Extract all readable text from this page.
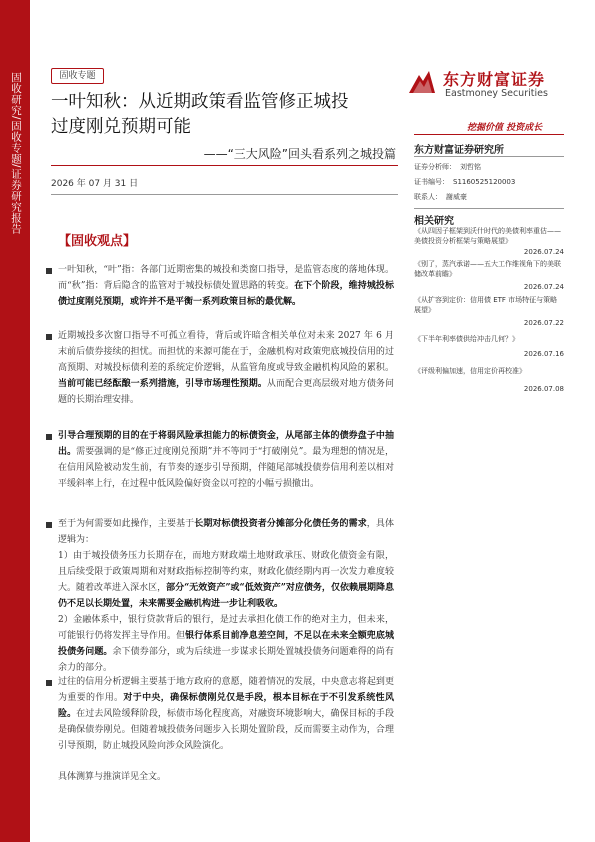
固收研究/固收专题/证券研究报告	固收专题
一叶知秋：从近期政策看监管修正城投
过度刚兑预期可能
——“三大风险”回头看系列之城投篇
2026 年 07 月 31 日
东方财富证券
Eastmoney Securities
挖掘价值 投资成长
东方财富证券研究所
证券分析师： 刘哲铭
证书编号： S1160525120003
联系人： 謝威豪
相关研究
《从四因子框架到沃什时代的美债利率重估——美债投资分析框架与策略展望》
2026.07.24
《别了，蒸汽承诺——五大工作维视角下的美联储改革前瞻》
2026.07.24
《从扩容到定价：信用债 ETF 市场特征与策略展望》
2026.07.22
《下半年利率债供给冲击几何？》
2026.07.16
《评级利偏加速，信用定价再校准》
2026.07.08
【固收观点】
一叶知秋，“叶”指：各部门近期密集的城投和类窗口指导，是监管态度的落地体现。而“秋”指：背后隐含的监管对于城投标债处置思路的转变。在下个阶段，维持城投标债过度刚兑预期，或许并不是平衡一系列政策目标的最优解。
近期城投多次窗口指导不可孤立看待，背后或许暗含相关单位对未来 2027 年 6 月末前后债券接续的担忧。而担忧的来源可能在于，金融机构对政策兜底城投信用的过高预期、对城投标债利差的系统定价逻辑，从监管角度或导致金融机构风险的累积。当前可能已经酝酿一系列措施，引导市场理性预期。从而配合更高层级对地方债务问题的长期治理安排。
引导合理预期的目的在于将弱风险承担能力的标债资金，从尾部主体的债券盘子中抽出。需要强调的是“修正过度刚兑预期”并不等同于“打破刚兑”。最为理想的情况是，在信用风险被动发生前，有节奏的逐步引导预期，伴随尾部城投债券信用利差以相对平缓斜率上行，在过程中低风险偏好资金以可控的小幅亏损撤出。
至于为何需要如此操作，主要基于长期对标债投资者分摊部分化债任务的需求，具体逻辑为：
1）由于城投债务压力长期存在，而地方财政端土地财政承压、财政化债资金有限，且后续受限于政策周期和对财政指标控制等约束，财政化债经期内再一次发力难度较大。随着改革进入深水区，部分“无效资产”或“低效资产”对应债务，仅依赖展期降息仍不足以长期处置，未来需要金融机构进一步让利吸收。
2）金融体系中，银行贷款背后的银行，是过去承担化债工作的绝对主力，但未来，可能银行仍将发挥主导作用。但银行体系目前净息差空间，不足以在未来全额兜底城投债务问题。余下债券部分，或为后续进一步谋求长期处置城投债务问题难得的尚有余力的部分。
过往的信用分析逻辑主要基于地方政府的意愿，随着情况的发展，中央意志将起到更为重要的作用。对于中央，确保标债刚兑仅是手段，根本目标在于不引发系统性风险。在过去风险缓释阶段，标债市场化程度高，对融资环境影响大，确保目标的手段是确保债券刚兑。但随着城投债务问题步入长期处置阶段，反而需要主动作为，合理引导预期，防止城投风险向涉众风险演化。
具体测算与推演详见全文。
